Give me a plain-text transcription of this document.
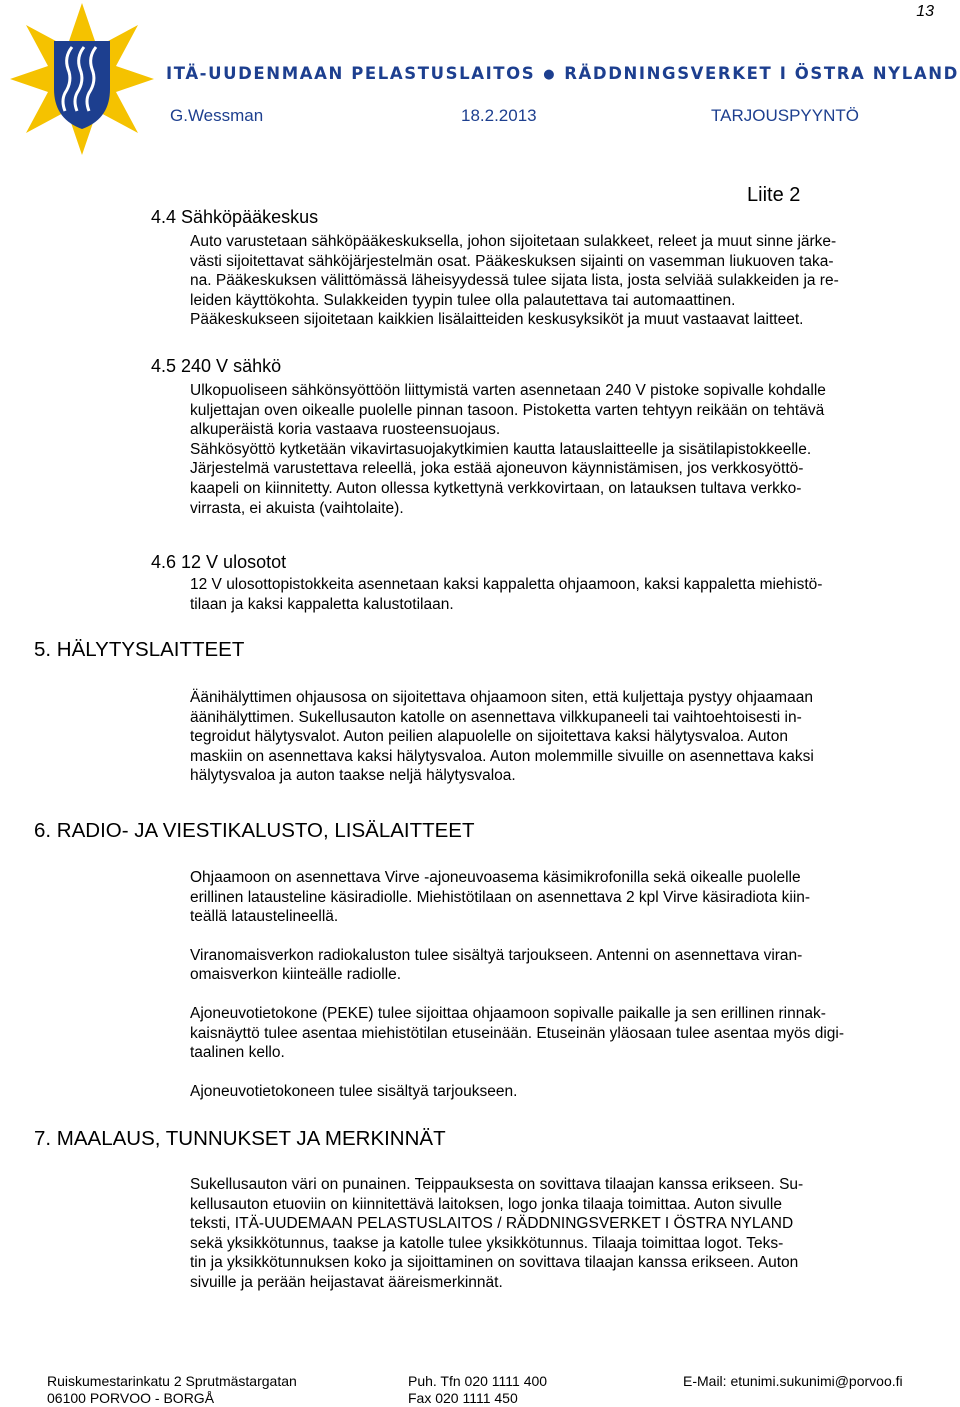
ITÄ-UUDENMAAN PELASTUSLAITOS ● RÄDDNINGSVERKET I ÖSTRA NYLAND
G.Wessman	18.2.2013	TARJOUSPYYNTÖ
13
Liite 2
4.4 Sähköpääkeskus

Auto varustetaan sähköpääkeskuksella, johon sijoitetaan sulakkeet, releet ja muut sinne järke-

västi sijoitettavat sähköjärjestelmän osat. Pääkeskuksen sijainti on vasemman liukuoven taka-

na. Pääkeskuksen välittömässä läheisyydessä tulee sijata lista, josta selviää sulakkeiden ja re-

leiden käyttökohta. Sulakkeiden tyypin tulee olla palautettava tai automaattinen.

Pääkeskukseen sijoitetaan kaikkien lisälaitteiden keskusyksiköt ja muut vastaavat laitteet.

4.5 240 V sähkö

Ulkopuoliseen sähkönsyöttöön liittymistä varten asennetaan 240 V pistoke sopivalle kohdalle

kuljettajan oven oikealle puolelle pinnan tasoon. Pistoketta varten tehtyyn reikään on tehtävä

alkuperäistä koria vastaava ruosteensuojaus.

Sähkösyöttö kytketään vikavirtasuojakytkimien kautta latauslaitteelle ja sisätilapistokkeelle.

Järjestelmä varustettava releellä, joka estää ajoneuvon käynnistämisen, jos verkkosyöttö-

kaapeli on kiinnitetty. Auton ollessa kytkettynä verkkovirtaan, on latauksen tultava verkko-

virrasta, ei akuista (vaihtolaite).

4.6 12 V ulosotot

12 V ulosottopistokkeita asennetaan kaksi kappaletta ohjaamoon, kaksi kappaletta miehistö-

tilaan ja kaksi kappaletta kalustotilaan.

5. HÄLYTYSLAITTEET

Äänihälyttimen ohjausosa on sijoitettava ohjaamoon siten, että kuljettaja pystyy ohjaamaan

äänihälyttimen. Sukellusauton katolle on asennettava vilkkupaneeli tai vaihtoehtoisesti in-

tegroidut hälytysvalot. Auton peilien alapuolelle on sijoitettava kaksi hälytysvaloa. Auton

maskiin on asennettava kaksi hälytysvaloa. Auton molemmille sivuille on asennettava kaksi

hälytysvaloa ja auton taakse neljä hälytysvaloa.

6. RADIO- JA VIESTIKALUSTO, LISÄLAITTEET

Ohjaamoon on asennettava Virve -ajoneuvoasema käsimikrofonilla sekä oikealle puolelle

erillinen latausteline käsiradiolle. Miehistötilaan on asennettava 2 kpl Virve käsiradiota kiin-

teällä lataustelineellä.

Viranomaisverkon radiokaluston tulee sisältyä tarjoukseen. Antenni on asennettava viran-

omaisverkon kiinteälle radiolle.

Ajoneuvotietokone (PEKE) tulee sijoittaa ohjaamoon sopivalle paikalle ja sen erillinen rinnak-

kaisnäyttö tulee asentaa miehistötilan etuseinään. Etuseinän yläosaan tulee asentaa myös digi-

taalinen kello.

Ajoneuvotietokoneen tulee sisältyä tarjoukseen.

7. MAALAUS, TUNNUKSET JA MERKINNÄT

Sukellusauton väri on punainen. Teippauksesta on sovittava tilaajan kanssa erikseen. Su-

kellusauton etuoviin on kiinnitettävä laitoksen, logo jonka tilaaja toimittaa. Auton sivulle

teksti, ITÄ-UUDEMAAN PELASTUSLAITOS / RÄDDNINGSVERKET I ÖSTRA NYLAND

sekä yksikkötunnus, taakse ja katolle tulee yksikkötunnus. Tilaaja toimittaa logot. Teks-

tin ja yksikkötunnuksen koko ja sijoittaminen on sovittava tilaajan kanssa erikseen. Auton

sivuille ja perään heijastavat ääreismerkinnät.

Ruiskumestarinkatu 2 Sprutmästargatan
06100 PORVOO - BORGÅ
Puh. Tfn 020 1111 400
Fax 020 1111 450
E-Mail: etunimi.sukunimi@porvoo.fi
